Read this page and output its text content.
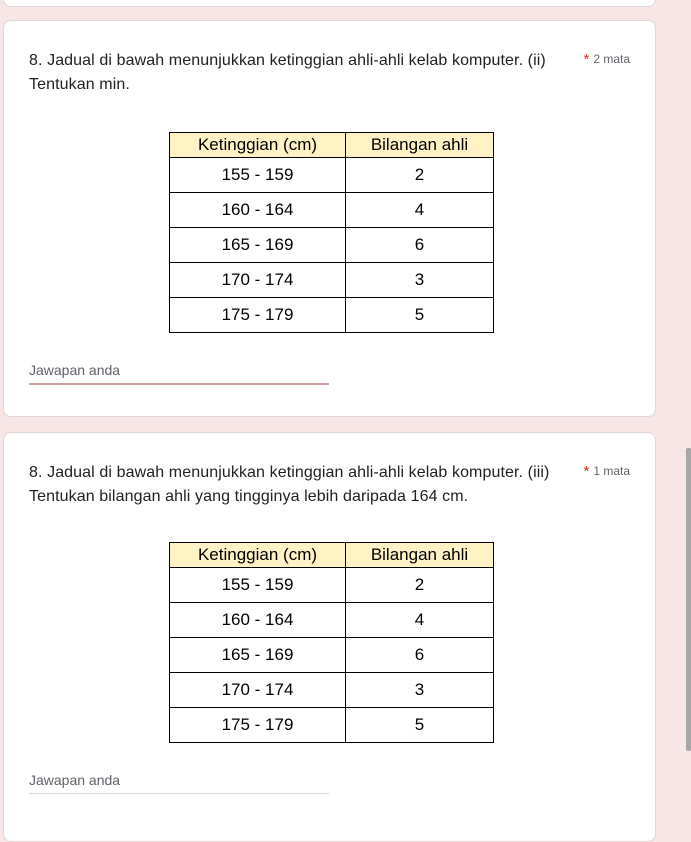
8. Jadual di bawah menunjukkan ketinggian ahli-ahli kelab komputer. (ii)
Tentukan min.
* 2 mata
Ketinggian (cm)	Bilangan ahli
155 - 159	2
160 - 164	4
165 - 169	6
170 - 174	3
175 - 179	5
Jawapan anda
8. Jadual di bawah menunjukkan ketinggian ahli-ahli kelab komputer. (iii)
Tentukan bilangan ahli yang tingginya lebih daripada 164 cm.
* 1 mata
Ketinggian (cm)	Bilangan ahli
155 - 159	2
160 - 164	4
165 - 169	6
170 - 174	3
175 - 179	5
Jawapan anda
